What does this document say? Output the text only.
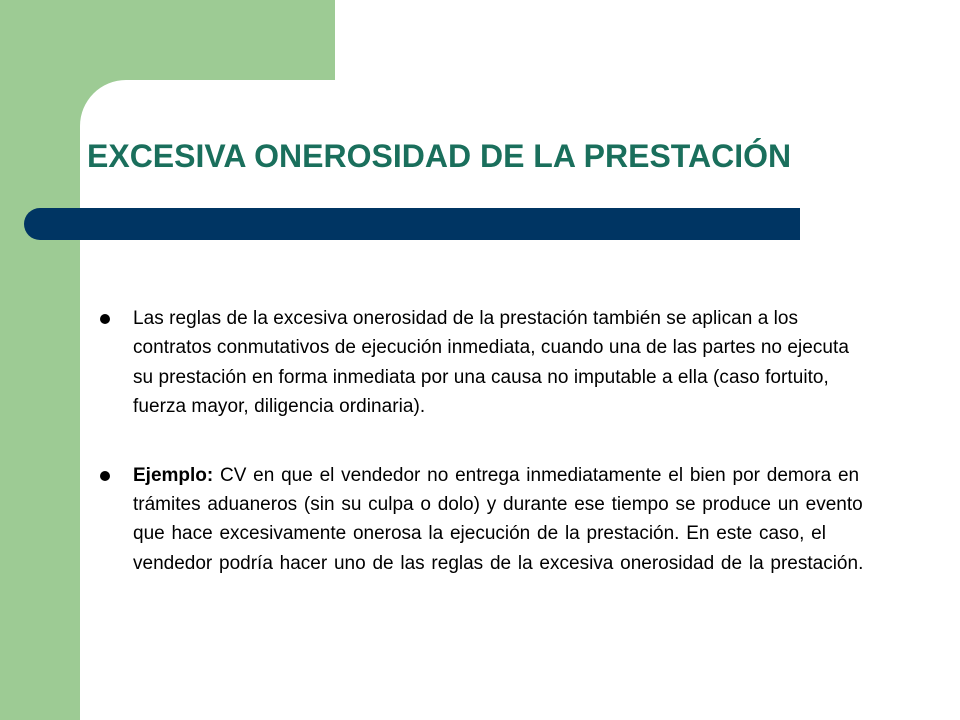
EXCESIVA ONEROSIDAD DE LA PRESTACIÓN
Las reglas de la excesiva onerosidad de la prestación también se aplican a los contratos conmutativos de ejecución inmediata, cuando una de las partes no ejecuta su prestación en forma inmediata por una causa no imputable a ella (caso fortuito, fuerza mayor, diligencia ordinaria).
Ejemplo: CV en que el vendedor no entrega inmediatamente el bien por demora en trámites aduaneros (sin su culpa o dolo) y durante ese tiempo se produce un evento que hace excesivamente onerosa la ejecución de la prestación. En este caso, el vendedor podría hacer uno de las reglas de la excesiva onerosidad de la prestación.
